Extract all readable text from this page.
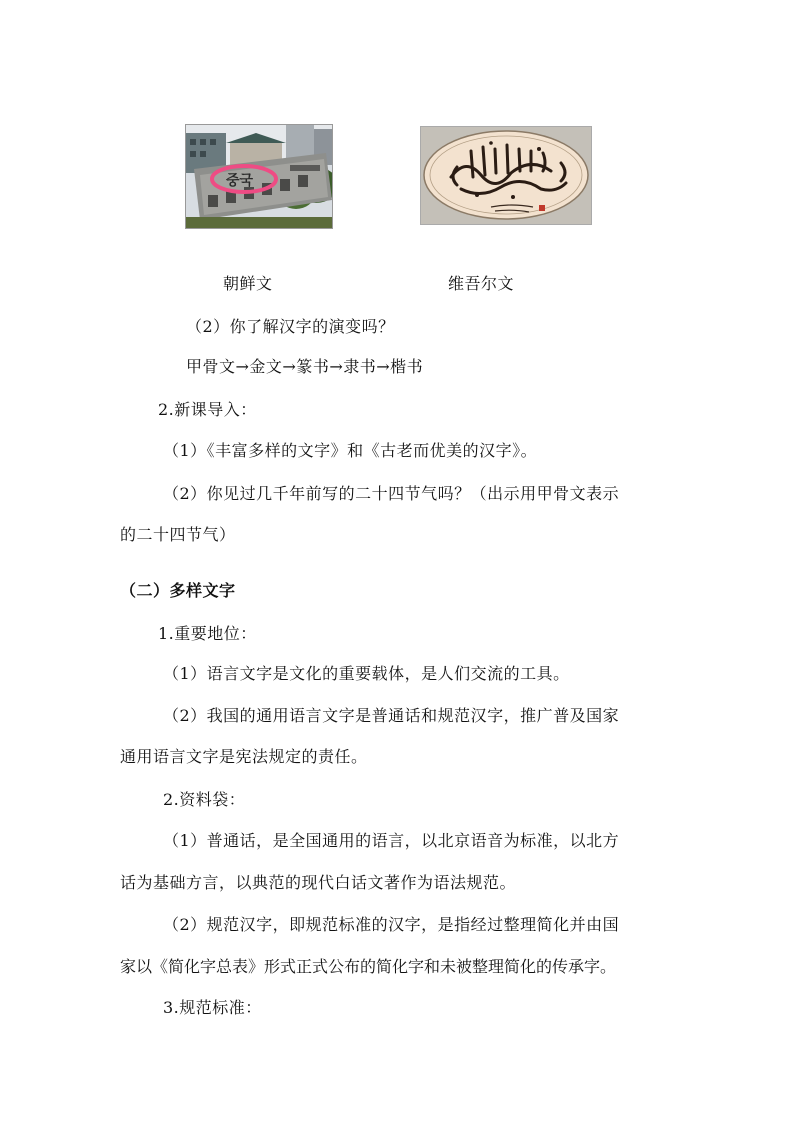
중국
朝鲜文	维吾尔文
（2）你了解汉字的演变吗？
甲骨文→金文→篆书→隶书→楷书
2.新课导入：
（1）《丰富多样的文字》和《古老而优美的汉字》。
（2）你见过几千年前写的二十四节气吗？（出示用甲骨文表示
的二十四节气）
（二）多样文字
1.重要地位：
（1）语言文字是文化的重要载体，是人们交流的工具。
（2）我国的通用语言文字是普通话和规范汉字，推广普及国家
通用语言文字是宪法规定的责任。
2.资料袋：
（1）普通话，是全国通用的语言，以北京语音为标准，以北方
话为基础方言，以典范的现代白话文著作为语法规范。
（2）规范汉字，即规范标准的汉字，是指经过整理简化并由国
家以《简化字总表》形式正式公布的简化字和未被整理简化的传承字。
3.规范标准：
